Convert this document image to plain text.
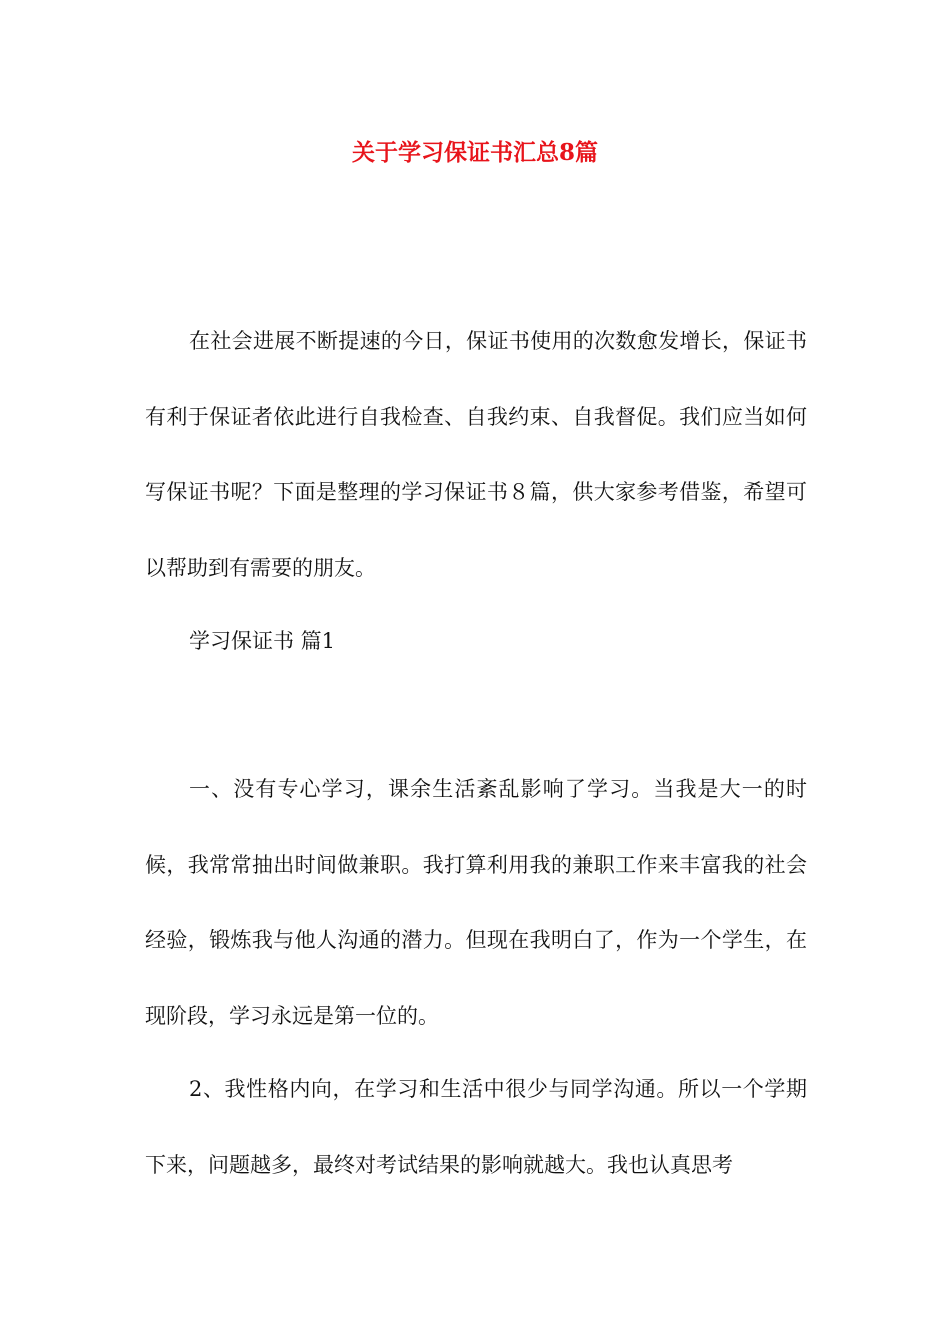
关于学习保证书汇总8篇

在社会进展不断提速的今日，保证书使用的次数愈发增长，保证书有利于保证者依此进行自我检查、自我约束、自我督促。我们应当如何写保证书呢？下面是整理的学习保证书８篇，供大家参考借鉴，希望可以帮助到有需要的朋友。

学习保证书 篇1

一、没有专心学习，课余生活紊乱影响了学习。当我是大一的时候，我常常抽出时间做兼职。我打算利用我的兼职工作来丰富我的社会经验，锻炼我与他人沟通的潜力。但现在我明白了，作为一个学生，在现阶段，学习永远是第一位的。

2、我性格内向，在学习和生活中很少与同学沟通。所以一个学期下来，问题越多，最终对考试结果的影响就越大。我也认真思考
